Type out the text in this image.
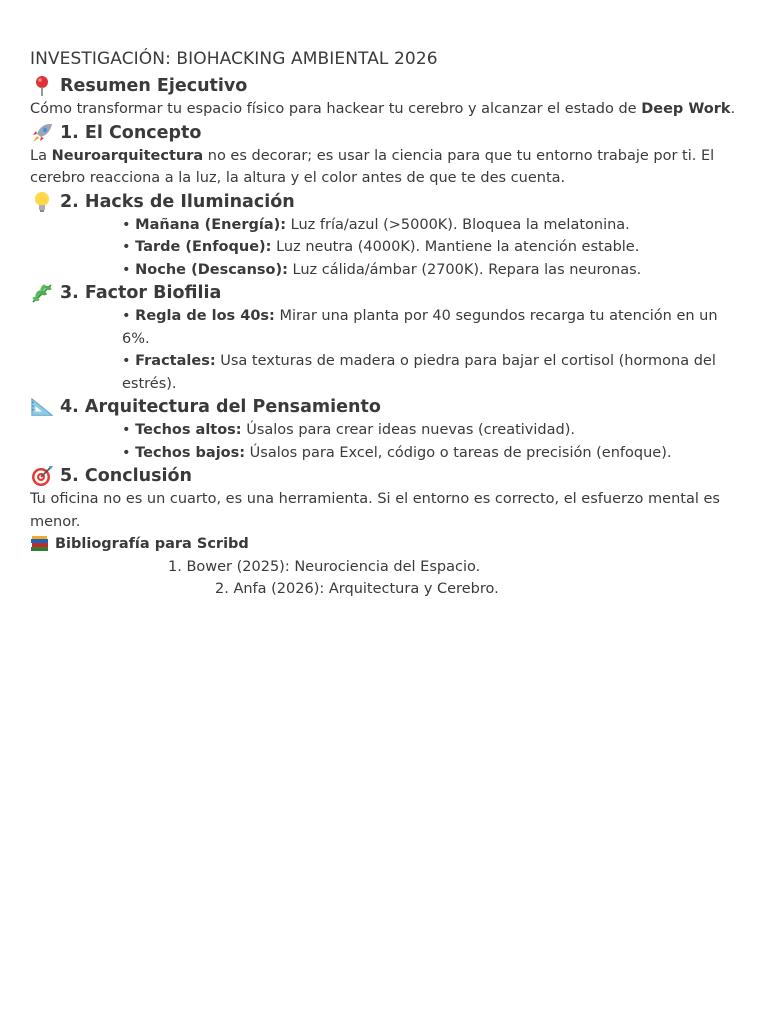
INVESTIGACIÓN: BIOHACKING AMBIENTAL 2026
Resumen Ejecutivo

Cómo transformar tu espacio físico para hackear tu cerebro y alcanzar el estado de Deep Work.

1. El Concepto

La Neuroarquitectura no es decorar; es usar la ciencia para que tu entorno trabaje por ti. El cerebro reacciona a la luz, la altura y el color antes de que te des cuenta.

2. Hacks de Iluminación
• Mañana (Energía): Luz fría/azul (>5000K). Bloquea la melatonina.
• Tarde (Enfoque): Luz neutra (4000K). Mantiene la atención estable.
• Noche (Descanso): Luz cálida/ámbar (2700K). Repara las neuronas.
3. Factor Biofilia
• Regla de los 40s: Mirar una planta por 40 segundos recarga tu atención en un 6%.
• Fractales: Usa texturas de madera o piedra para bajar el cortisol (hormona del estrés).
4. Arquitectura del Pensamiento
• Techos altos: Úsalos para crear ideas nuevas (creatividad).
• Techos bajos: Úsalos para Excel, código o tareas de precisión (enfoque).
5. Conclusión

Tu oficina no es un cuarto, es una herramienta. Si el entorno es correcto, el esfuerzo mental es menor.

Bibliografía para Scribd
1. Bower (2025): Neurociencia del Espacio.
2. Anfa (2026): Arquitectura y Cerebro.
